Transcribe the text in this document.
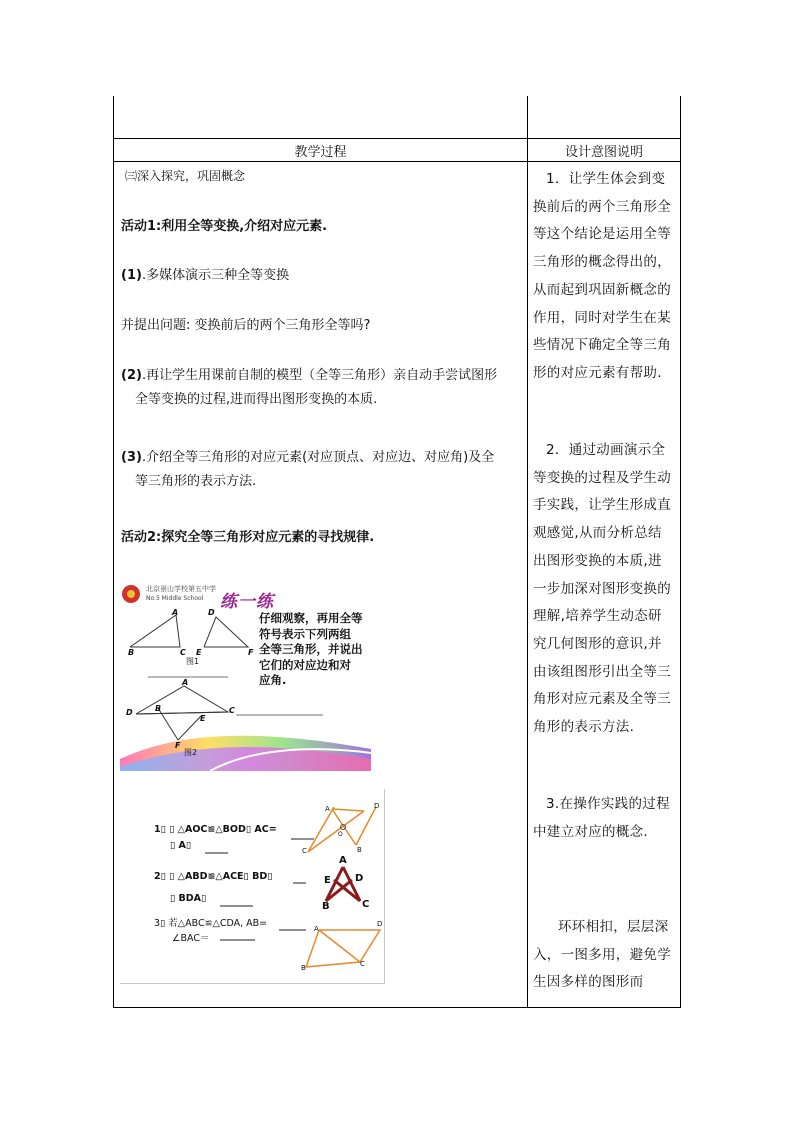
教学过程	设计意图说明
㈢深入探究，巩固概念
活动1:利用全等变换,介绍对应元素.
(1).多媒体演示三种全等变换
并提出问题: 变换前后的两个三角形全等吗?
(2).再让学生用课前自制的模型（全等三角形）亲自动手尝试图形
全等变换的过程,进而得出图形变换的本质.
(3).介绍全等三角形的对应元素(对应顶点、对应边、对应角)及全
等三角形的表示方法.
活动2:探究全等三角形对应元素的寻找规律.
北京景山学校第五中学
No.5 Middle School 练一练
仔细观察，再用全等
符号表示下列两组
全等三角形，并说出
它们的对应边和对
应角.
A
B	C
D
E	F
图1
A
D	B
E
C
F
图2
1▯ ▯ △AOC≌△BOD▯ AC=
▯ A▯
2▯ ▯ △ABD≌△ACE▯ BD▯
▯ BDA▯
3▯ 若△ABC≌△CDA, AB=
∠BAC＝
A	D
C	B
O
A
E D
B	C
A
D
B	C
1．让学生体会到变换前后的两个三角形全等这个结论是运用全等三角形的概念得出的，从而起到巩固新概念的作用，同时对学生在某些情况下确定全等三角形的对应元素有帮助.
2．通过动画演示全等变换的过程及学生动手实践，让学生形成直观感觉,从而分析总结出图形变换的本质,进一步加深对图形变换的理解,培养学生动态研究几何图形的意识,并由该组图形引出全等三角形对应元素及全等三角形的表示方法.
3.在操作实践的过程中建立对应的概念.
环环相扣，层层深入，一图多用，避免学生因多样的图形而
